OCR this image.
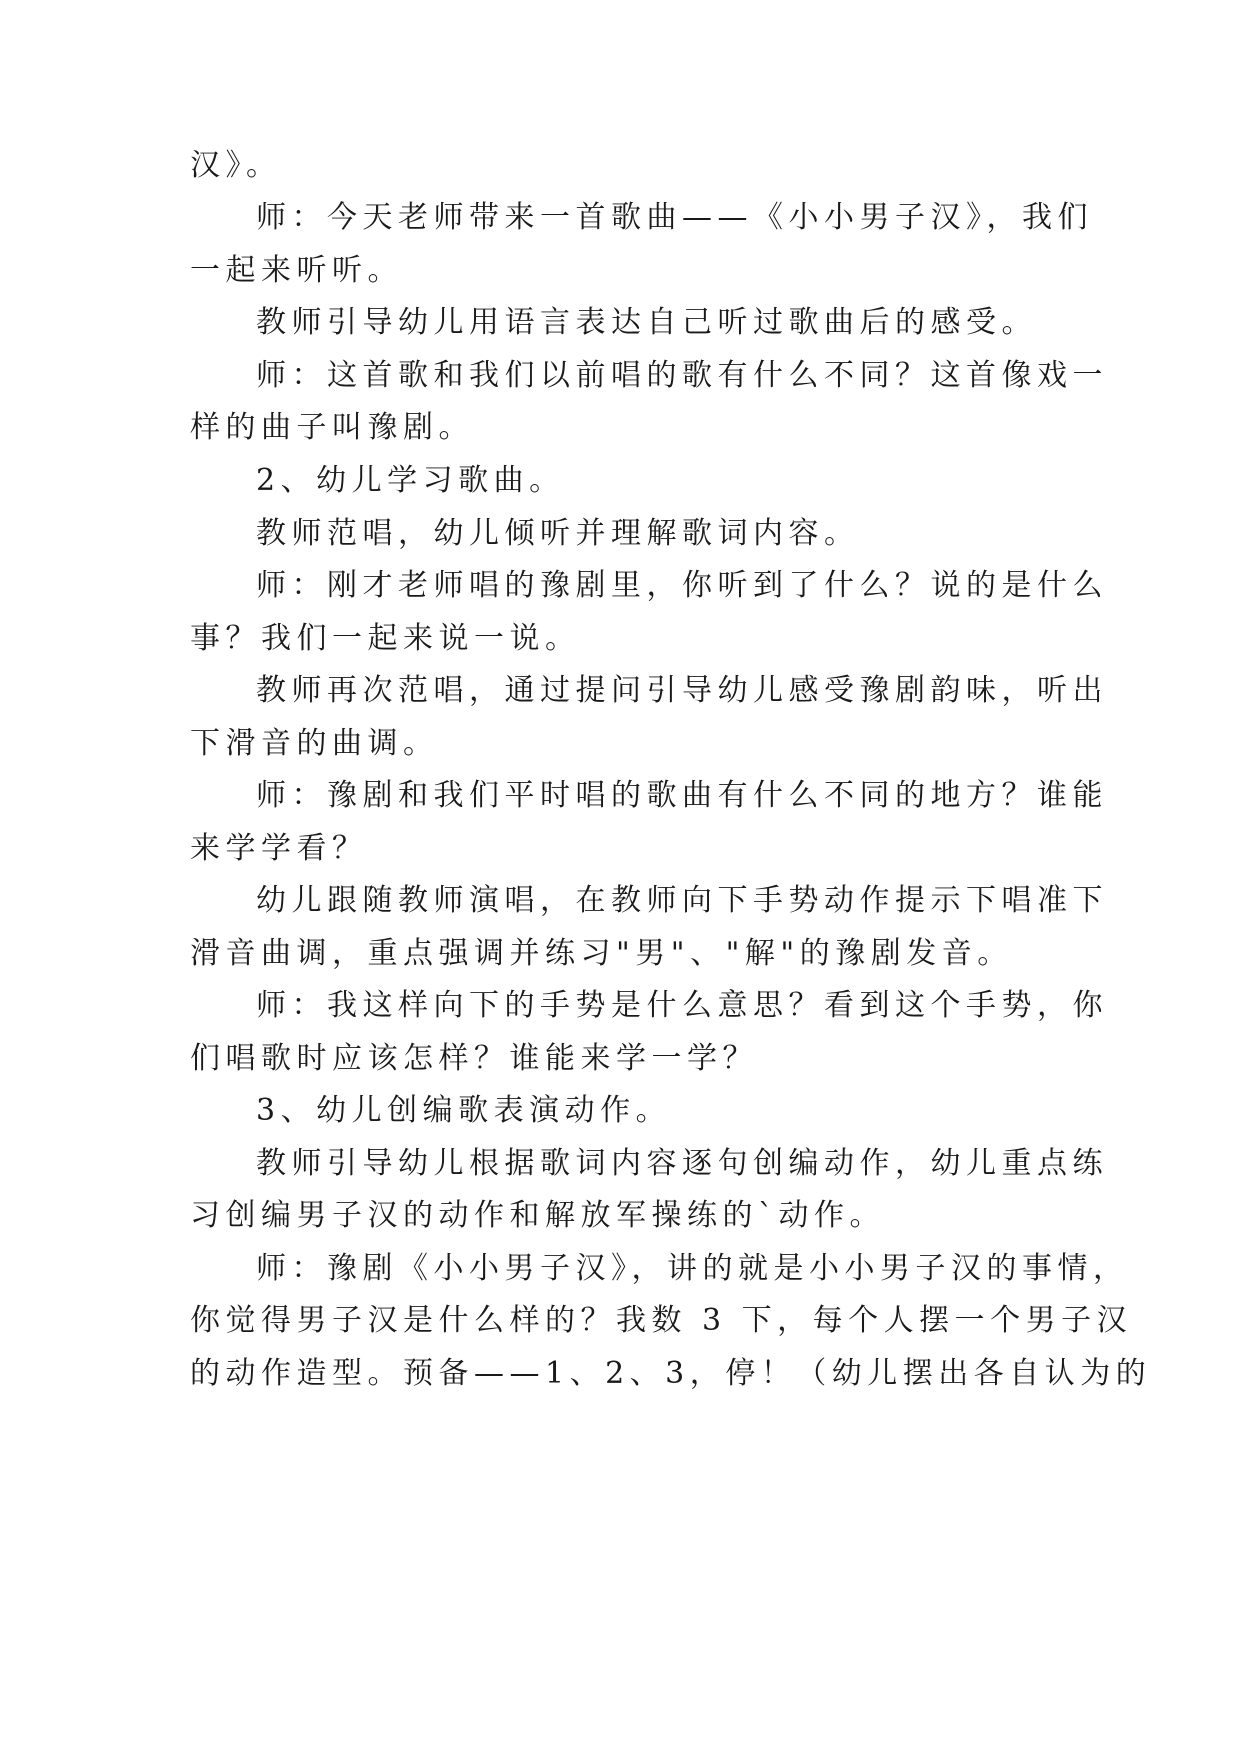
汉》。

师：今天老师带来一首歌曲——《小小男子汉》，我们

一起来听听。

教师引导幼儿用语言表达自己听过歌曲后的感受。

师：这首歌和我们以前唱的歌有什么不同？这首像戏一

样的曲子叫豫剧。

2、幼儿学习歌曲。

教师范唱，幼儿倾听并理解歌词内容。

师：刚才老师唱的豫剧里，你听到了什么？说的是什么

事？我们一起来说一说。

教师再次范唱，通过提问引导幼儿感受豫剧韵味，听出

下滑音的曲调。

师：豫剧和我们平时唱的歌曲有什么不同的地方？谁能

来学学看？

幼儿跟随教师演唱，在教师向下手势动作提示下唱准下

滑音曲调，重点强调并练习"男"、"解"的豫剧发音。

师：我这样向下的手势是什么意思？看到这个手势，你

们唱歌时应该怎样？谁能来学一学？

3、幼儿创编歌表演动作。

教师引导幼儿根据歌词内容逐句创编动作，幼儿重点练

习创编男子汉的动作和解放军操练的`动作。

师：豫剧《小小男子汉》，讲的就是小小男子汉的事情，

你觉得男子汉是什么样的？我数 3 下，每个人摆一个男子汉

的动作造型。预备——1、2、3，停！（幼儿摆出各自认为的
